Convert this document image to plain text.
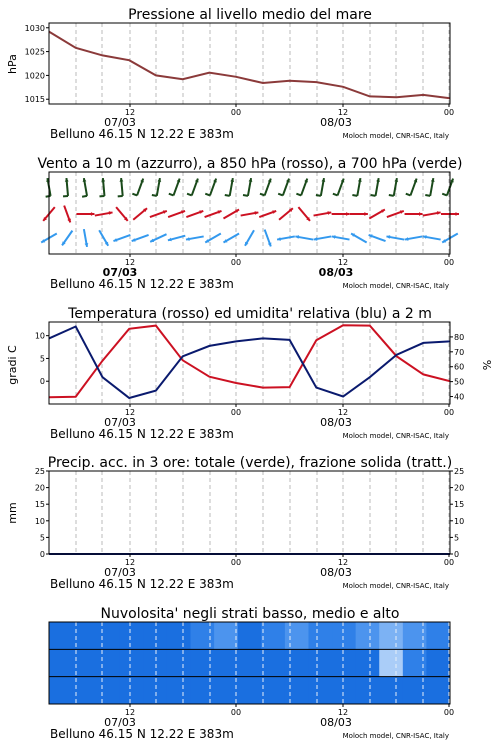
Pressione al livello medio del mare
1015
1020
1025
1030
hPa
12	00	12	00
07/03	08/03
Belluno 46.15 N 12.22 E 383m	Moloch model, CNR-ISAC, Italy
Vento a 10 m (azzurro), a 850 hPa (rosso), a 700 hPa (verde)
12	00	12	00
07/03	08/03
Belluno 46.15 N 12.22 E 383m	Moloch model, CNR-ISAC, Italy
Temperatura (rosso) ed umidita' relativa (blu) a 2 m
0
5
10
40
50
60
70
80
gradi C	%
12	00	12	00
07/03	08/03
Belluno 46.15 N 12.22 E 383m	Moloch model, CNR-ISAC, Italy
Precip. acc. in 3 ore: totale (verde), frazione solida (tratt.)
0	0
5	5
10	10
15	15
20	20
25	25
mm
12	00	12	00
07/03	08/03
Belluno 46.15 N 12.22 E 383m	Moloch model, CNR-ISAC, Italy
Nuvolosita' negli strati basso, medio e alto
12	00	12	00
07/03	08/03
Belluno 46.15 N 12.22 E 383m	Moloch model, CNR-ISAC, Italy
